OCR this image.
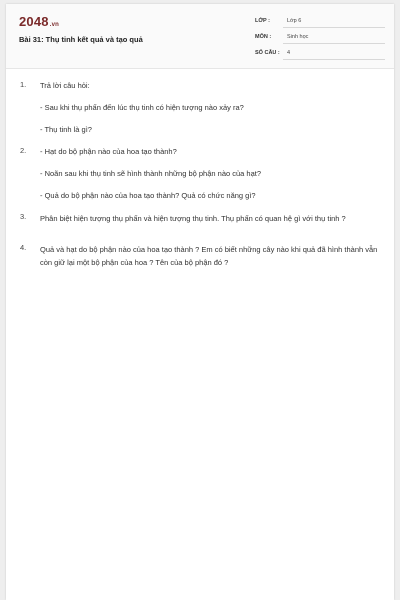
2048.vn
Bài 31: Thụ tinh kết quả và tạo quả
LỚP :	Lớp 6
MÔN :	Sinh học
SỐ CÂU :	4
1. Trả lời câu hỏi:
- Sau khi thụ phấn đến lúc thụ tinh có hiện tượng nào xảy ra?
- Thụ tinh là gì?
2. - Hạt do bộ phận nào của hoa tạo thành?
- Noãn sau khi thụ tinh sẽ hình thành những bộ phận nào của hạt?
- Quả do bộ phận nào của hoa tạo thành? Quả có chức năng gì?
3. Phân biệt hiện tượng thụ phấn và hiện tượng thụ tinh. Thụ phấn có quan hệ gì với thụ tinh ?
4. Quả và hạt do bộ phận nào của hoa tạo thành ? Em có biết những cây nào khi quả đã hình thành vẫn còn giữ lại một bộ phận của hoa ? Tên của bộ phận đó ?
